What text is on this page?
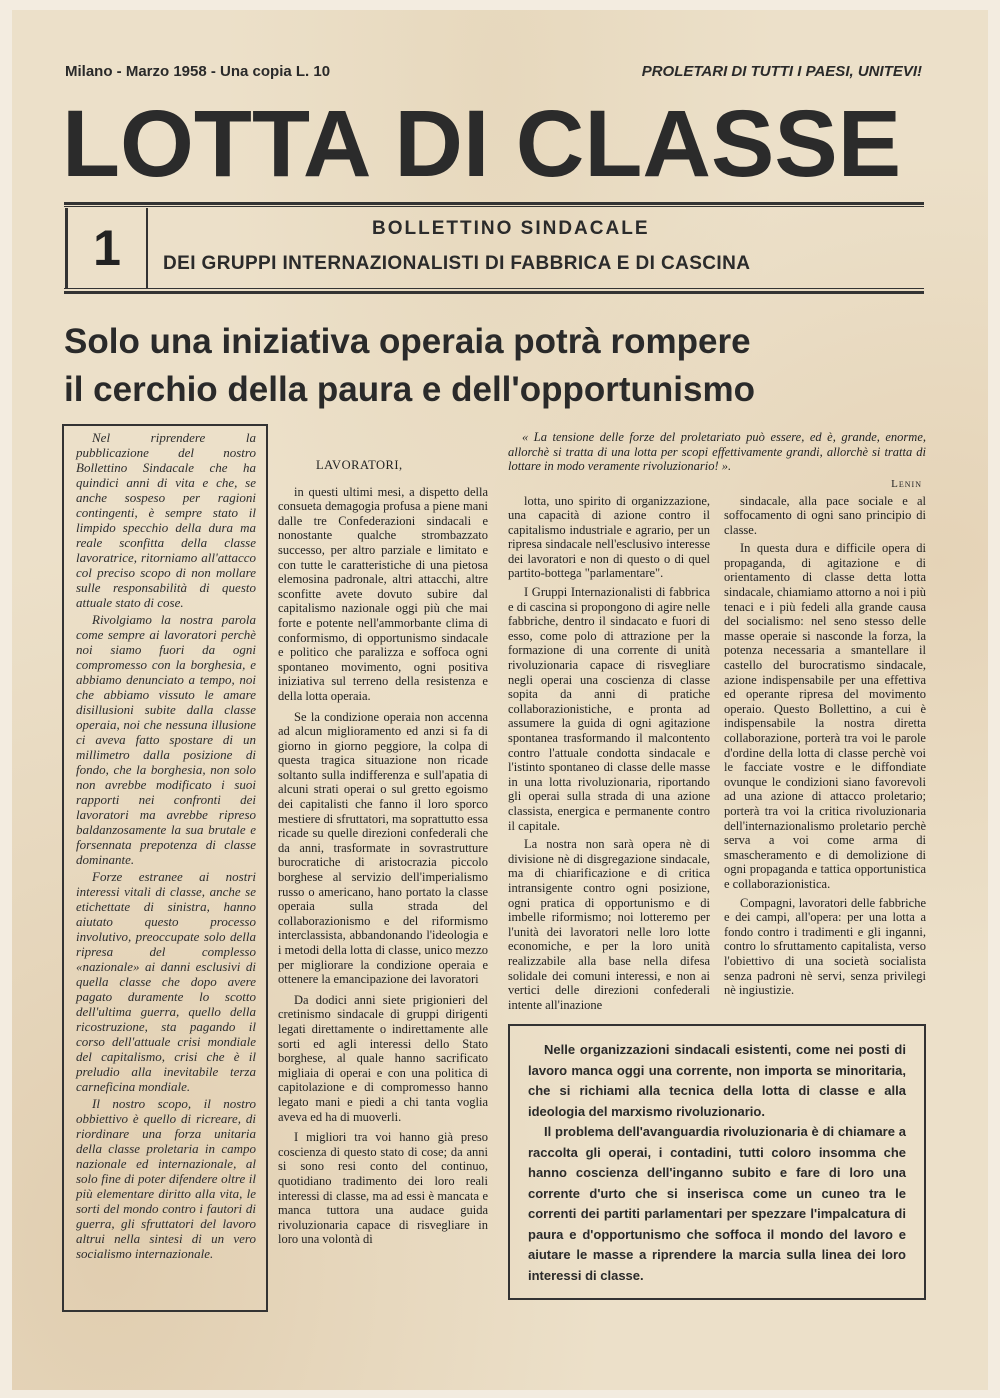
Milano - Marzo 1958 - Una copia L. 10	PROLETARI DI TUTTI I PAESI, UNITEVI!
LOTTA DI CLASSE
1	BOLLETTINO SINDACALE
DEI GRUPPI INTERNAZIONALISTI DI FABBRICA E DI CASCINA
Solo una iniziativa operaia potrà rompere
il cerchio della paura e dell'opportunismo

Nel riprendere la pubblicazione del nostro Bollettino Sindacale che ha quindici anni di vita e che, se anche sospeso per ragioni contingenti, è sempre stato il limpido specchio della dura ma reale sconfitta della classe lavoratrice, ritorniamo all'attacco col preciso scopo di non mollare sulle responsabilità di questo attuale stato di cose.

Rivolgiamo la nostra parola come sempre ai lavoratori perchè noi siamo fuori da ogni compromesso con la borghesia, e abbiamo denunciato a tempo, noi che abbiamo vissuto le amare disillusioni subite dalla classe operaia, noi che nessuna illusione ci aveva fatto spostare di un millimetro dalla posizione di fondo, che la borghesia, non solo non avrebbe modificato i suoi rapporti nei confronti dei lavoratori ma avrebbe ripreso baldanzosamente la sua brutale e forsennata prepotenza di classe dominante.

Forze estranee ai nostri interessi vitali di classe, anche se etichettate di sinistra, hanno aiutato questo processo involutivo, preoccupate solo della ripresa del complesso «nazionale» ai danni esclusivi di quella classe che dopo avere pagato duramente lo scotto dell'ultima guerra, quello della ricostruzione, sta pagando il corso dell'attuale crisi mondiale del capitalismo, crisi che è il preludio alla inevitabile terza carneficina mondiale.

Il nostro scopo, il nostro obbiettivo è quello di ricreare, di riordinare una forza unitaria della classe proletaria in campo nazionale ed internazionale, al solo fine di poter difendere oltre il più elementare diritto alla vita, le sorti del mondo contro i fautori di guerra, gli sfruttatori del lavoro altrui nella sintesi di un vero socialismo internazionale.

LAVORATORI,

in questi ultimi mesi, a dispetto della consueta demagogia profusa a piene mani dalle tre Confederazioni sindacali e nonostante qualche strombazzato successo, per altro parziale e limitato e con tutte le caratteristiche di una pietosa elemosina padronale, altri attacchi, altre sconfitte avete dovuto subire dal capitalismo nazionale oggi più che mai forte e potente nell'ammorbante clima di conformismo, di opportunismo sindacale e politico che paralizza e soffoca ogni spontaneo movimento, ogni positiva iniziativa sul terreno della resistenza e della lotta operaia.

Se la condizione operaia non accenna ad alcun miglioramento ed anzi si fa di giorno in giorno peggiore, la colpa di questa tragica situazione non ricade soltanto sulla indifferenza e sull'apatia di alcuni strati operai o sul gretto egoismo dei capitalisti che fanno il loro sporco mestiere di sfruttatori, ma soprattutto essa ricade su quelle direzioni confederali che da anni, trasformate in sovrastrutture burocratiche di aristocrazia piccolo borghese al servizio dell'imperialismo russo o americano, hano portato la classe operaia sulla strada del collaborazionismo e del riformismo interclassista, abbandonando l'ideologia e i metodi della lotta di classe, unico mezzo per migliorare la condizione operaia e ottenere la emancipazione dei lavoratori

Da dodici anni siete prigionieri del cretinismo sindacale di gruppi dirigenti legati direttamente o indirettamente alle sorti ed agli interessi dello Stato borghese, al quale hanno sacrificato migliaia di operai e con una politica di capitolazione e di compromesso hanno legato mani e piedi a chi tanta voglia aveva ed ha di muoverli.

I migliori tra voi hanno già preso coscienza di questo stato di cose; da anni si sono resi conto del continuo, quotidiano tradimento dei loro reali interessi di classe, ma ad essi è mancata e manca tuttora una audace guida rivoluzionaria capace di risvegliare in loro una volontà di

« La tensione delle forze del proletariato può essere, ed è, grande, enorme, allorchè si tratta di una lotta per scopi effettivamente grandi, allorchè si tratta di lottare in modo veramente rivoluzionario! ».

Lenin

lotta, uno spirito di organizzazione, una capacità di azione contro il capitalismo industriale e agrario, per un ripresa sindacale nell'esclusivo interesse dei lavoratori e non di questo o di quel partito-bottega "parlamentare".

I Gruppi Internazionalisti di fabbrica e di cascina si propongono di agire nelle fabbriche, dentro il sindacato e fuori di esso, come polo di attrazione per la formazione di una corrente di unità rivoluzionaria capace di risvegliare negli operai una coscienza di classe sopita da anni di pratiche collaborazionistiche, e pronta ad assumere la guida di ogni agitazione spontanea trasformando il malcontento contro l'attuale condotta sindacale e l'istinto spontaneo di classe delle masse in una lotta rivoluzionaria, riportando gli operai sulla strada di una azione classista, energica e permanente contro il capitale.

La nostra non sarà opera nè di divisione nè di disgregazione sindacale, ma di chiarificazione e di critica intransigente contro ogni posizione, ogni pratica di opportunismo e di imbelle riformismo; noi lotteremo per l'unità dei lavoratori nelle loro lotte economiche, e per la loro unità realizzabile alla base nella difesa solidale dei comuni interessi, e non ai vertici delle direzioni confederali intente all'inazione

sindacale, alla pace sociale e al soffocamento di ogni sano principio di classe.

In questa dura e difficile opera di propaganda, di agitazione e di orientamento di classe detta lotta sindacale, chiamiamo attorno a noi i più tenaci e i più fedeli alla grande causa del socialismo: nel seno stesso delle masse operaie si nasconde la forza, la potenza necessaria a smantellare il castello del burocratismo sindacale, azione indispensabile per una effettiva ed operante ripresa del movimento operaio. Questo Bollettino, a cui è indispensabile la nostra diretta collaborazione, porterà tra voi le parole d'ordine della lotta di classe perchè voi le facciate vostre e le diffondiate ovunque le condizioni siano favorevoli ad una azione di attacco proletario; porterà tra voi la critica rivoluzionaria dell'internazionalismo proletario perchè serva a voi come arma di smascheramento e di demolizione di ogni propaganda e tattica opportunistica e collaborazionistica.

Compagni, lavoratori delle fabbriche e dei campi, all'opera: per una lotta a fondo contro i tradimenti e gli inganni, contro lo sfruttamento capitalista, verso l'obiettivo di una società socialista senza padroni nè servi, senza privilegi nè ingiustizie.

Nelle organizzazioni sindacali esistenti, come nei posti di lavoro manca oggi una corrente, non importa se minoritaria, che si richiami alla tecnica della lotta di classe e alla ideologia del marxismo rivoluzionario.

Il problema dell'avanguardia rivoluzionaria è di chiamare a raccolta gli operai, i contadini, tutti coloro insomma che hanno coscienza dell'inganno subito e fare di loro una corrente d'urto che si inserisca come un cuneo tra le correnti dei partiti parlamentari per spezzare l'impalcatura di paura e d'opportunismo che soffoca il mondo del lavoro e aiutare le masse a riprendere la marcia sulla linea dei loro interessi di classe.
